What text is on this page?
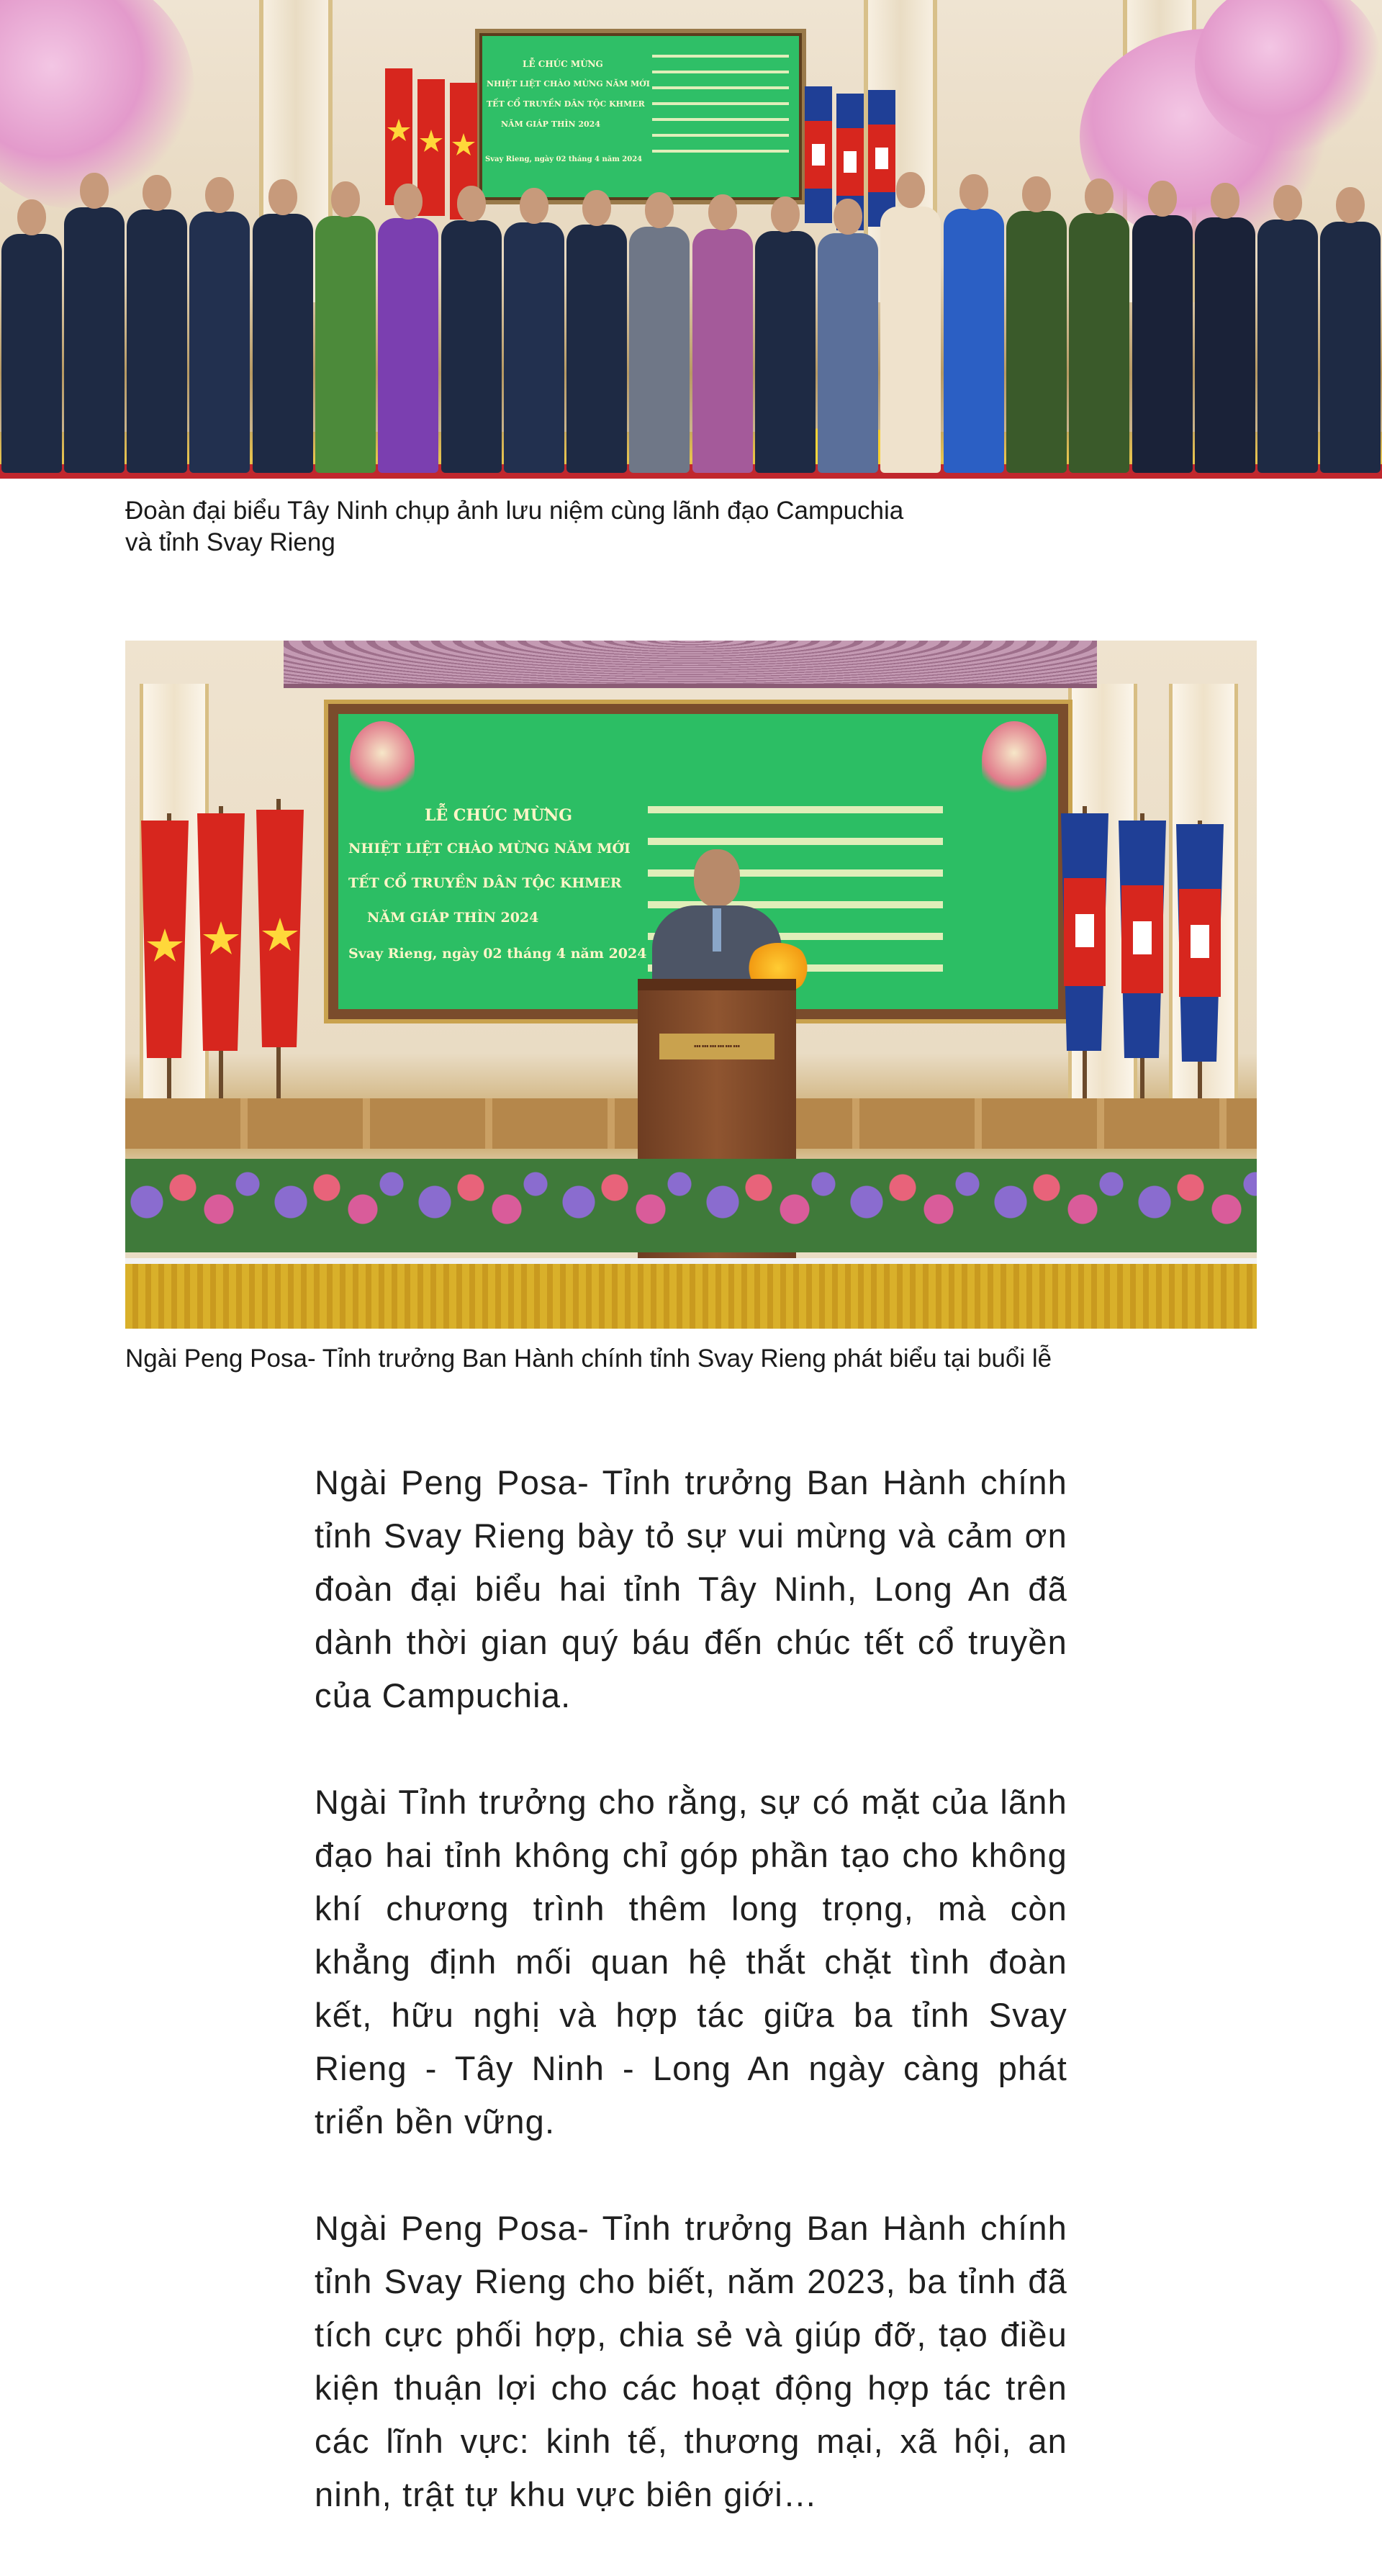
LỄ CHÚC MỪNG
NHIỆT LIỆT CHÀO MỪNG NĂM MỚI
TẾT CỔ TRUYỀN DÂN TỘC KHMER
NĂM GIÁP THÌN 2024
Svay Rieng, ngày 02 tháng 4 năm 2024
Đoàn đại biểu Tây Ninh chụp ảnh lưu niệm cùng lãnh đạo Campuchia
và tỉnh Svay Rieng
LỄ CHÚC MỪNG
NHIỆT LIỆT CHÀO MỪNG NĂM MỚI
TẾT CỔ TRUYỀN DÂN TỘC KHMER
NĂM GIÁP THÌN 2024
Svay Rieng, ngày 02 tháng 4 năm 2024
ⵈⵈⵈⵈⵈⵈ
Ngài Peng Posa- Tỉnh trưởng Ban Hành chính tỉnh Svay Rieng phát biểu tại buổi lễ

Ngài Peng Posa- Tỉnh trưởng Ban Hành chính tỉnh Svay Rieng bày tỏ sự vui mừng và cảm ơn đoàn đại biểu hai tỉnh Tây Ninh, Long An đã dành thời gian quý báu đến chúc tết cổ truyền của Campuchia.

Ngài Tỉnh trưởng cho rằng, sự có mặt của lãnh đạo hai tỉnh không chỉ góp phần tạo cho không khí chương trình thêm long trọng, mà còn khẳng định mối quan hệ thắt chặt tình đoàn kết, hữu nghị và hợp tác giữa ba tỉnh Svay Rieng - Tây Ninh - Long An ngày càng phát triển bền vững.

Ngài Peng Posa- Tỉnh trưởng Ban Hành chính tỉnh Svay Rieng cho biết, năm 2023, ba tỉnh đã tích cực phối hợp, chia sẻ và giúp đỡ, tạo điều kiện thuận lợi cho các hoạt động hợp tác trên các lĩnh vực: kinh tế, thương mại, xã hội, an ninh, trật tự khu vực biên giới…
